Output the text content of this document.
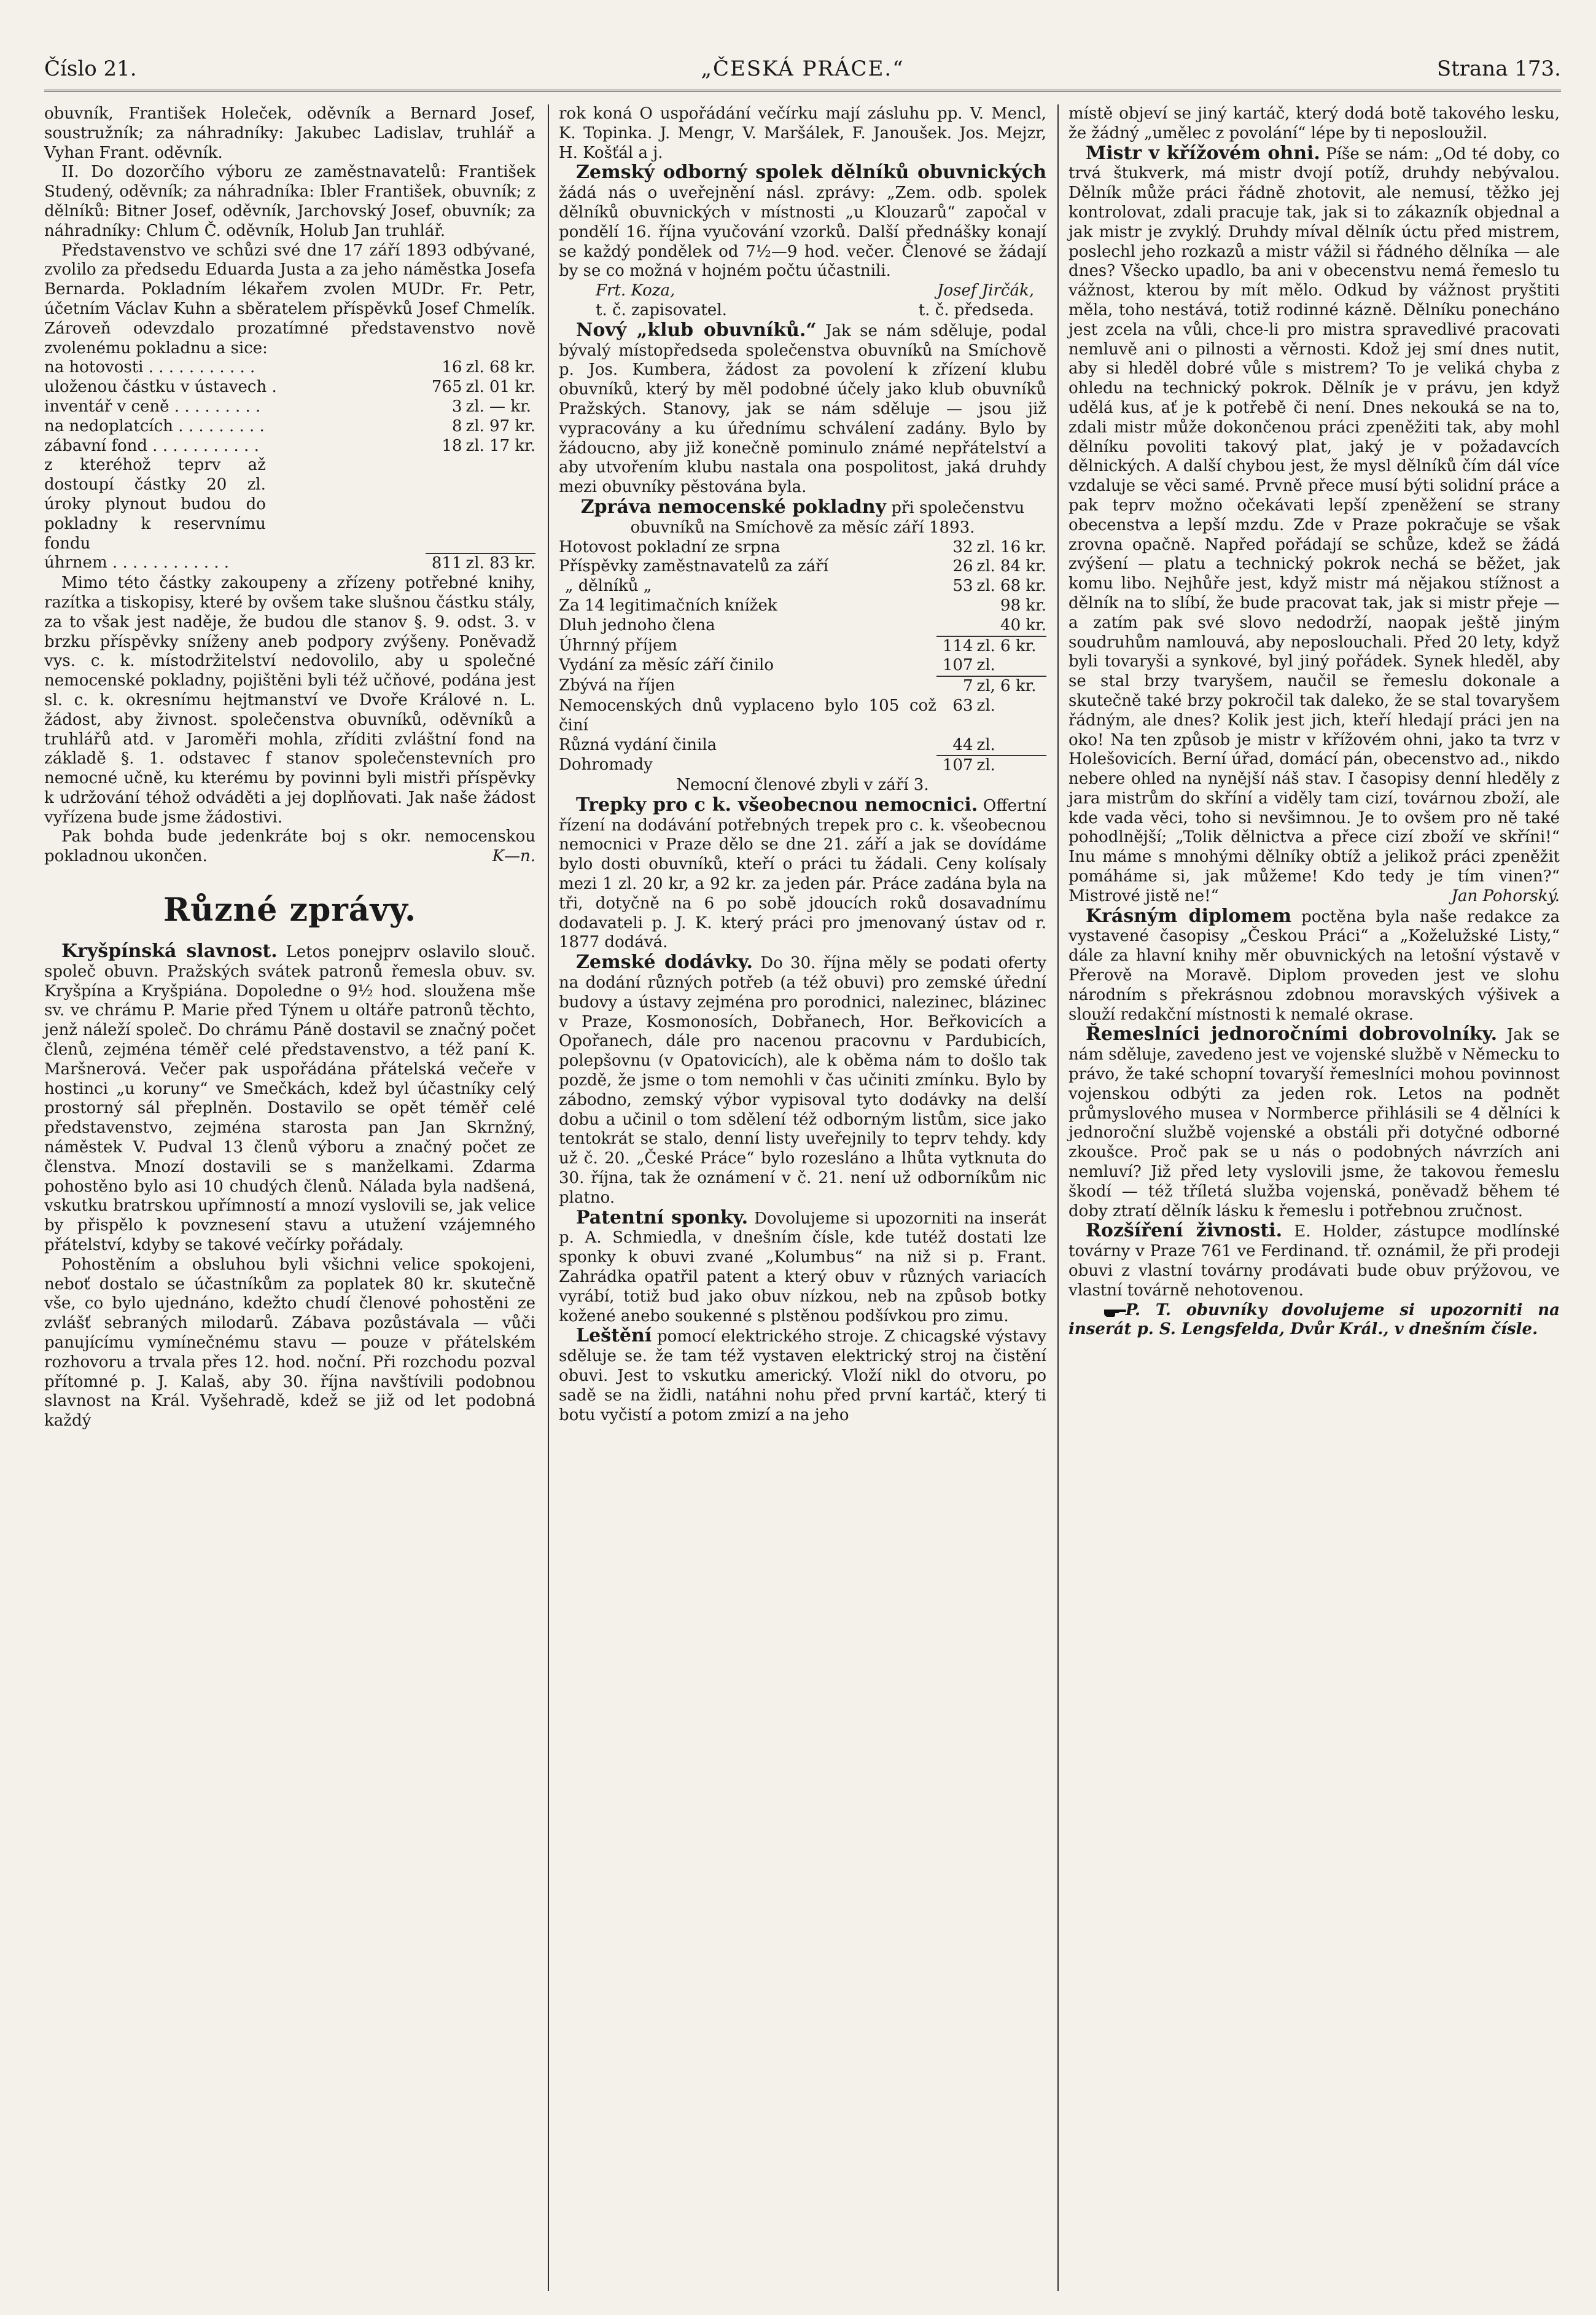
Číslo 21.	„ČESKÁ PRÁCE.“	Strana 173.

obuvník, František Holeček, oděvník a Bernard Josef, soustružník; za náhradníky: Jakubec Ladislav, truhlář a Vyhan Frant. oděvník.

II. Do dozorčího výboru ze zaměstnavatelů: František Studený, oděvník; za náhradníka: Ibler František, obuvník; z dělníků: Bitner Josef, oděvník, Jarchovský Josef, obuvník; za náhradníky: Chlum Č. oděvník, Holub Jan truhlář.

Představenstvo ve schůzi své dne 17 září 1893 odbývané, zvolilo za předsedu Eduarda Justa a za jeho náměstka Josefa Bernarda. Pokladním lékařem zvolen MUDr. Fr. Petr, účetním Václav Kuhn a sběratelem příspěvků Josef Chmelík. Zároveň odevzdalo prozatímné představenstvo nově zvolenému pokladnu a sice:

na hotovosti . . . . . . . . . . .	16	zl. 68 kr.
uloženou částku v ústavech .	765	zl. 01 kr.
inventář v ceně . . . . . . . . .	3	zl. — kr.
na nedoplatcích . . . . . . . . .	8	zl. 97 kr.
zábavní fond . . . . . . . . . . .	18	zl. 17 kr.
z kteréhož teprv až dostoupí částky 20 zl. úroky plynout budou do pokladny k reservnímu fondu		
úhrnem . . . . . . . . . . . .	811	zl. 83 kr.

Mimo této částky zakoupeny a zřízeny potřebné knihy, razítka a tiskopisy, které by ovšem take slušnou částku stály, za to však jest naděje, že budou dle stanov §. 9. odst. 3. v brzku příspěvky sníženy aneb podpory zvýšeny. Poněvadž vys. c. k. místodržitelství nedovolilo, aby u společné nemocenské pokladny, pojištěni byli též učňové, podána jest sl. c. k. okresnímu hejtmanství ve Dvoře Králové n. L. žádost, aby živnost. společenstva obuvníků, oděvníků a truhlářů atd. v Jaroměři mohla, zříditi zvláštní fond na základě §. 1. odstavec f stanov společenstevních pro nemocné učně, ku kterému by povinni byli mistři příspěvky k udržování téhož odváděti a jej doplňovati. Jak naše žádost vyřízena bude jsme žádostivi.

Pak bohda bude jedenkráte boj s okr. nemocenskou pokladnou ukončen.	K—n.

Různé zprávy.

Kryšpínská slavnost. Letos ponejprv oslavilo slouč. společ obuvn. Pražských svátek patronů řemesla obuv. sv. Kryšpína a Kryšpiána. Dopoledne o 9½ hod. sloužena mše sv. ve chrámu P. Marie před Týnem u oltáře patronů těchto, jenž náleží společ. Do chrámu Páně dostavil se značný počet členů, zejména téměř celé představenstvo, a též paní K. Maršnerová. Večer pak uspořádána přátelská večeře v hostinci „u koruny“ ve Smečkách, kdež byl účastníky celý prostorný sál přeplněn. Dostavilo se opět téměř celé představenstvo, zejména starosta pan Jan Skrnžný, náměstek V. Pudval 13 členů výboru a značný počet ze členstva. Mnozí dostavili se s manželkami. Zdarma pohostěno bylo asi 10 chudých členů. Nálada byla nadšená, vskutku bratrskou upřímností a mnozí vyslovili se, jak velice by přispělo k povznesení stavu a utužení vzájemného přátelství, kdyby se takové večírky pořádaly.

Pohostěním a obsluhou byli všichni velice spokojeni, neboť dostalo se účastníkům za poplatek 80 kr. skutečně vše, co bylo ujednáno, kdežto chudí členové pohostěni ze zvlášť sebraných milodarů. Zábava pozůstávala — vůči panujícímu vymínečnému stavu — pouze v přátelském rozhovoru a trvala přes 12. hod. noční. Při rozchodu pozval přítomné p. J. Kalaš, aby 30. října navštívili podobnou slavnost na Král. Vyšehradě, kdež se již od let podobná každý

rok koná O uspořádání večírku mají zásluhu pp. V. Mencl, K. Topinka. J. Mengr, V. Maršálek, F. Janoušek. Jos. Mejzr, H. Košťál a j.

Zemský odborný spolek dělníků obuvnických žádá nás o uveřejnění násl. zprávy: „Zem. odb. spolek dělníků obuvnických v místnosti „u Klouzarů“ započal v pondělí 16. října vyučování vzorků. Další přednášky konají se každý pondělek od 7½—9 hod. večer. Členové se žádají by se co možná v hojném počtu účastnili.

Frt. Koza,	Josef Jirčák,
t. č. zapisovatel.	t. č. předseda.

Nový „klub obuvníků.“ Jak se nám sděluje, podal bývalý místopředseda společenstva obuvníků na Smíchově p. Jos. Kumbera, žádost za povolení k zřízení klubu obuvníků, který by měl podobné účely jako klub obuvníků Pražských. Stanovy, jak se nám sděluje — jsou již vypracovány a ku úřednímu schválení zadány. Bylo by žádoucno, aby již konečně pominulo známé nepřátelství a aby utvořením klubu nastala ona pospolitost, jaká druhdy mezi obuvníky pěstována byla.

Zpráva nemocenské pokladny při společenstvu obuvníků na Smíchově za měsíc září 1893.

Hotovost pokladní ze srpna	32	zl. 16 kr.
Příspěvky zaměstnavatelů za září	26	zl. 84 kr.
„ dělníků „	53	zl. 68 kr.
Za 14 legitimačních knížek		98 kr.
Dluh jednoho člena		40 kr.
Úhrnný příjem	114	zl. 6 kr.
Vydání za měsíc září činilo	107	zl.
Zbývá na říjen	7	zl, 6 kr.
Nemocenských dnů vyplaceno bylo 105 což činí	63	zl.
Různá vydání činila	44	zl.
Dohromady	107	zl.

Nemocní členové zbyli v září 3.

Trepky pro c k. všeobecnou nemocnici. Offertní řízení na dodávání potřebných trepek pro c. k. všeobecnou nemocnici v Praze dělo se dne 21. září a jak se dovídáme bylo dosti obuvníků, kteří o práci tu žádali. Ceny kolísaly mezi 1 zl. 20 kr, a 92 kr. za jeden pár. Práce zadána byla na tři, dotyčně na 6 po sobě jdoucích roků dosavadnímu dodavateli p. J. K. který práci pro jmenovaný ústav od r. 1877 dodává.

Zemské dodávky. Do 30. října měly se podati oferty na dodání různých potřeb (a též obuvi) pro zemské úřední budovy a ústavy zejména pro porodnici, nalezinec, blázinec v Praze, Kosmonosích, Dobřanech, Hor. Beřkovicích a Opořanech, dále pro nacenou pracovnu v Pardubicích, polepšovnu (v Opatovicích), ale k oběma nám to došlo tak pozdě, že jsme o tom nemohli v čas učiniti zmínku. Bylo by zábodno, zemský výbor vypisoval tyto dodávky na delší dobu a učinil o tom sdělení též odborným listům, sice jako tentokrát se stalo, denní listy uveřejnily to teprv tehdy. kdy už č. 20. „České Práce“ bylo rozesláno a lhůta vytknuta do 30. října, tak že oznámení v č. 21. není už odborníkům nic platno.

Patentní sponky. Dovolujeme si upozorniti na inserát p. A. Schmiedla, v dnešním čísle, kde tutéž dostati lze sponky k obuvi zvané „Kolumbus“ na niž si p. Frant. Zahrádka opatřil patent a který obuv v různých variacích vyrábí, totiž bud jako obuv nízkou, neb na způsob botky kožené anebo soukenné s plstěnou podšívkou pro zimu.

Leštění pomocí elektrického stroje. Z chicagské výstavy sděluje se. že tam též vystaven elektrický stroj na čistění obuvi. Jest to vskutku americký. Vloží nikl do otvoru, po sadě se na židli, natáhni nohu před první kartáč, který ti botu vyčistí a potom zmizí a na jeho

místě objeví se jiný kartáč, který dodá botě takového lesku, že žádný „umělec z povolání“ lépe by ti neposloužil.

Mistr v křížovém ohni. Píše se nám: „Od té doby, co trvá štukverk, má mistr dvojí potíž, druhdy nebývalou. Dělník může práci řádně zhotovit, ale nemusí, těžko jej kontrolovat, zdali pracuje tak, jak si to zákazník objednal a jak mistr je zvyklý. Druhdy míval dělník úctu před mistrem, poslechl jeho rozkazů a mistr vážil si řádného dělníka — ale dnes? Všecko upadlo, ba ani v obecenstvu nemá řemeslo tu vážnost, kterou by mít mělo. Odkud by vážnost pryštiti měla, toho nestává, totiž rodinné kázně. Dělníku ponecháno jest zcela na vůli, chce-li pro mistra spravedlivé pracovati nemluvě ani o pilnosti a věrnosti. Kdož jej smí dnes nutit, aby si hleděl dobré vůle s mistrem? To je veliká chyba z ohledu na technický pokrok. Dělník je v právu, jen když udělá kus, ať je k potřebě či není. Dnes nekouká se na to, zdali mistr může dokončenou práci zpeněžiti tak, aby mohl dělníku povoliti takový plat, jaký je v požadavcích dělnických. A další chybou jest, že mysl dělníků čím dál více vzdaluje se věci samé. Prvně přece musí býti solidní práce a pak teprv možno očekávati lepší zpeněžení se strany obecenstva a lepší mzdu. Zde v Praze pokračuje se však zrovna opačně. Napřed pořádají se schůze, kdež se žádá zvýšení — platu a technický pokrok nechá se běžet, jak komu libo. Nejhůře jest, když mistr má nějakou stížnost a dělník na to slíbí, že bude pracovat tak, jak si mistr přeje — a zatím pak své slovo nedodrží, naopak ještě jiným soudruhům namlouvá, aby neposlouchali. Před 20 lety, když byli tovaryši a synkové, byl jiný pořádek. Synek hleděl, aby se stal brzy tvaryšem, naučil se řemeslu dokonale a skutečně také brzy pokročil tak daleko, že se stal tovaryšem řádným, ale dnes? Kolik jest jich, kteří hledají práci jen na oko! Na ten způsob je mistr v křížovém ohni, jako ta tvrz v Holešovicích. Berní úřad, domácí pán, obecenstvo ad., nikdo nebere ohled na nynější náš stav. I časopisy denní hleděly z jara mistrům do skříní a viděly tam cizí, továrnou zboží, ale kde vada věci, toho si nevšimnou. Je to ovšem pro ně také pohodlnější; „Tolik dělnictva a přece cizí zboží ve skříni!“ Inu máme s mnohými dělníky obtíž a jelikož práci zpeněžit pomáháme si, jak můžeme! Kdo tedy je tím vinen?“ Mistrové jistě ne!“	Jan Pohorský.

Krásným diplomem poctěna byla naše redakce za vystavené časopisy „Českou Práci“ a „Koželužské Listy,“ dále za hlavní knihy měr obuvnických na letošní výstavě v Přerově na Moravě. Diplom proveden jest ve slohu národním s překrásnou zdobnou moravských výšivek a slouží redakční místnosti k nemalé okrase.

Řemeslníci jednoročními dobrovolníky. Jak se nám sděluje, zavedeno jest ve vojenské službě v Německu to právo, že také schopní tovaryší řemeslníci mohou povinnost vojenskou odbýti za jeden rok. Letos na podnět průmyslového musea v Normberce přihlásili se 4 dělníci k jednoroční službě vojenské a obstáli při dotyčné odborné zkoušce. Proč pak se u nás o podobných návrzích ani nemluví? Již před lety vyslovili jsme, že takovou řemeslu škodí — též tříletá služba vojenská, poněvadž během té doby ztratí dělník lásku k řemeslu i potřebnou zručnost.

Rozšíření živnosti. E. Holder, zástupce modlínské továrny v Praze 761 ve Ferdinand. tř. oznámil, že při prodeji obuvi z vlastní továrny prodávati bude obuv prýžovou, ve vlastní továrně nehotovenou.

P. T. obuvníky dovolujeme si upozorniti na inserát p. S. Lengsfelda, Dvůr Král., v dnešním čísle.
